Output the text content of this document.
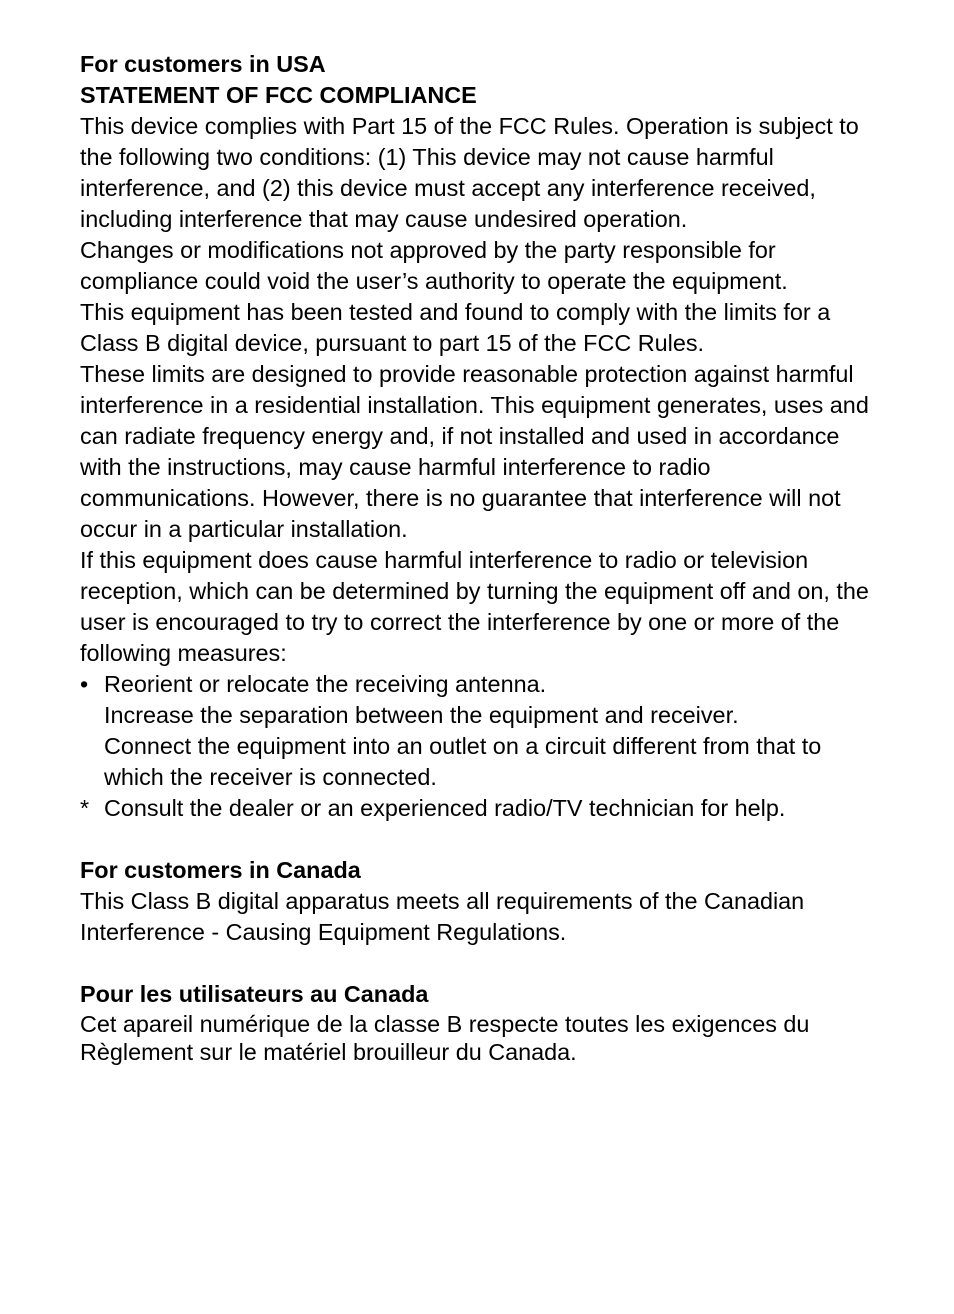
For customers in USA

STATEMENT OF FCC COMPLIANCE

This device complies with Part 15 of the FCC Rules. Operation is subject to the following two conditions: (1) This device may not cause harmful interference, and (2) this device must accept any interference received, including interference that may cause undesired operation.

Changes or modifications not approved by the party responsible for compliance could void the user’s authority to operate the equipment.

This equipment has been tested and found to comply with the limits for a Class B digital device, pursuant to part 15 of the FCC Rules.

These limits are designed to provide reasonable protection against harmful interference in a residential installation. This equipment generates, uses and can radiate frequency energy and, if not installed and used in accordance with the instructions, may cause harmful interference to radio communications. However, there is no guarantee that interference will not occur in a particular installation.

If this equipment does cause harmful interference to radio or television reception, which can be determined by turning the equipment off and on, the user is encouraged to try to correct the interference by one or more of the following measures:

• Reorient or relocate the receiving antenna.
Increase the separation between the equipment and receiver.
Connect the equipment into an outlet on a circuit different from that to which the receiver is connected.
* Consult the dealer or an experienced radio/TV technician for help.

For customers in Canada

This Class B digital apparatus meets all requirements of the Canadian Interference - Causing Equipment Regulations.

Pour les utilisateurs au Canada

Cet apareil numérique de la classe B respecte toutes les exigences du Règlement sur le matériel brouilleur du Canada.
